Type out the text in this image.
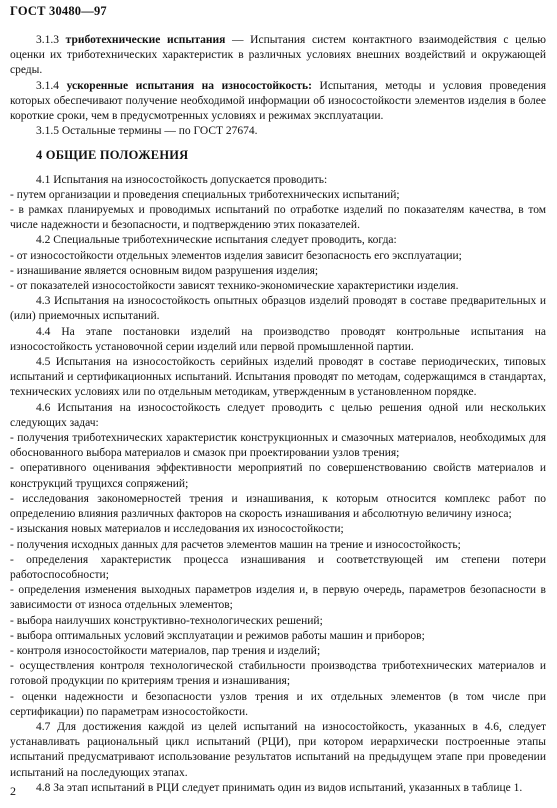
ГОСТ 30480—97

3.1.3 триботехнические испытания — Испытания систем контактного взаимодействия с целью оценки их триботехнических характеристик в различных условиях внешних воздействий и окружающей среды.

3.1.4 ускоренные испытания на износостойкость: Испытания, методы и условия проведения которых обеспечивают получение необходимой информации об износостойкости элементов изделия в более короткие сроки, чем в предусмотренных условиях и режимах эксплуатации.

3.1.5 Остальные термины — по ГОСТ 27674.

4 ОБЩИЕ ПОЛОЖЕНИЯ

4.1 Испытания на износостойкость допускается проводить:

- путем организации и проведения специальных триботехнических испытаний;

- в рамках планируемых и проводимых испытаний по отработке изделий по показателям качества, в том числе надежности и безопасности, и подтверждению этих показателей.

4.2 Специальные триботехнические испытания следует проводить, когда:

- от износостойкости отдельных элементов изделия зависит безопасность его эксплуатации;

- изнашивание является основным видом разрушения изделия;

- от показателей износостойкости зависят технико-экономические характеристики изделия.

4.3 Испытания на износостойкость опытных образцов изделий проводят в составе предварительных и (или) приемочных испытаний.

4.4 На этапе постановки изделий на производство проводят контрольные испытания на износостойкость установочной серии изделий или первой промышленной партии.

4.5 Испытания на износостойкость серийных изделий проводят в составе периодических, типовых испытаний и сертификационных испытаний. Испытания проводят по методам, содержащимся в стандартах, технических условиях или по отдельным методикам, утвержденным в установленном порядке.

4.6 Испытания на износостойкость следует проводить с целью решения одной или нескольких следующих задач:

- получения триботехнических характеристик конструкционных и смазочных материалов, необходимых для обоснованного выбора материалов и смазок при проектировании узлов трения;

- оперативного оценивания эффективности мероприятий по совершенствованию свойств материалов и конструкций трущихся сопряжений;

- исследования закономерностей трения и изнашивания, к которым относится комплекс работ по определению влияния различных факторов на скорость изнашивания и абсолютную величину износа;

- изыскания новых материалов и исследования их износостойкости;

- получения исходных данных для расчетов элементов машин на трение и износостойкость;

- определения характеристик процесса изнашивания и соответствующей им степени потери работоспособности;

- определения изменения выходных параметров изделия и, в первую очередь, параметров безопасности в зависимости от износа отдельных элементов;

- выбора наилучших конструктивно-технологических решений;

- выбора оптимальных условий эксплуатации и режимов работы машин и приборов;

- контроля износостойкости материалов, пар трения и изделий;

- осуществления контроля технологической стабильности производства триботехнических материалов и готовой продукции по критериям трения и изнашивания;

- оценки надежности и безопасности узлов трения и их отдельных элементов (в том числе при сертификации) по параметрам износостойкости.

4.7 Для достижения каждой из целей испытаний на износостойкость, указанных в 4.6, следует устанавливать рациональный цикл испытаний (РЦИ), при котором иерархически построенные этапы испытаний предусматривают использование результатов испытаний на предыдущем этапе при проведении испытаний на последующих этапах.

4.8 За этап испытаний в РЦИ следует принимать один из видов испытаний, указанных в таблице 1.

2
